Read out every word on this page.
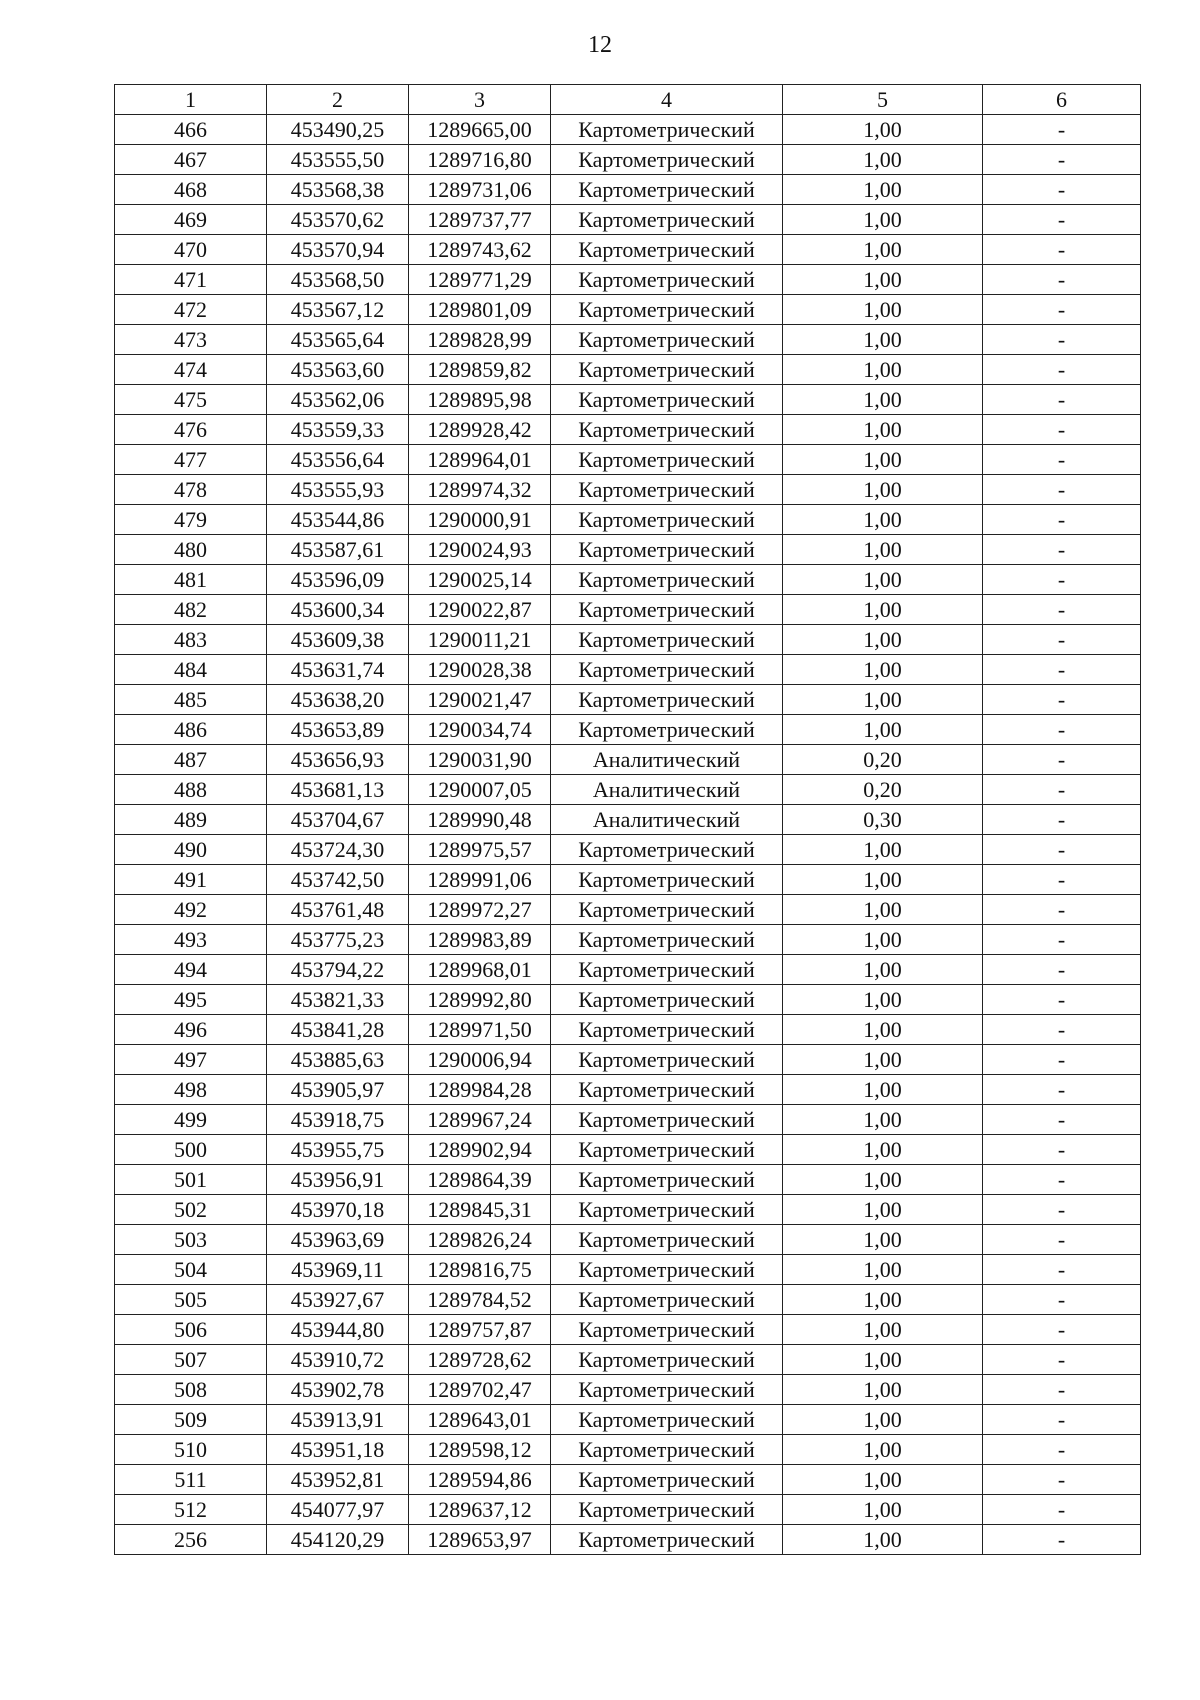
12
1	2	3	4	5	6
466	453490,25	1289665,00	Картометрический	1,00	-
467	453555,50	1289716,80	Картометрический	1,00	-
468	453568,38	1289731,06	Картометрический	1,00	-
469	453570,62	1289737,77	Картометрический	1,00	-
470	453570,94	1289743,62	Картометрический	1,00	-
471	453568,50	1289771,29	Картометрический	1,00	-
472	453567,12	1289801,09	Картометрический	1,00	-
473	453565,64	1289828,99	Картометрический	1,00	-
474	453563,60	1289859,82	Картометрический	1,00	-
475	453562,06	1289895,98	Картометрический	1,00	-
476	453559,33	1289928,42	Картометрический	1,00	-
477	453556,64	1289964,01	Картометрический	1,00	-
478	453555,93	1289974,32	Картометрический	1,00	-
479	453544,86	1290000,91	Картометрический	1,00	-
480	453587,61	1290024,93	Картометрический	1,00	-
481	453596,09	1290025,14	Картометрический	1,00	-
482	453600,34	1290022,87	Картометрический	1,00	-
483	453609,38	1290011,21	Картометрический	1,00	-
484	453631,74	1290028,38	Картометрический	1,00	-
485	453638,20	1290021,47	Картометрический	1,00	-
486	453653,89	1290034,74	Картометрический	1,00	-
487	453656,93	1290031,90	Аналитический	0,20	-
488	453681,13	1290007,05	Аналитический	0,20	-
489	453704,67	1289990,48	Аналитический	0,30	-
490	453724,30	1289975,57	Картометрический	1,00	-
491	453742,50	1289991,06	Картометрический	1,00	-
492	453761,48	1289972,27	Картометрический	1,00	-
493	453775,23	1289983,89	Картометрический	1,00	-
494	453794,22	1289968,01	Картометрический	1,00	-
495	453821,33	1289992,80	Картометрический	1,00	-
496	453841,28	1289971,50	Картометрический	1,00	-
497	453885,63	1290006,94	Картометрический	1,00	-
498	453905,97	1289984,28	Картометрический	1,00	-
499	453918,75	1289967,24	Картометрический	1,00	-
500	453955,75	1289902,94	Картометрический	1,00	-
501	453956,91	1289864,39	Картометрический	1,00	-
502	453970,18	1289845,31	Картометрический	1,00	-
503	453963,69	1289826,24	Картометрический	1,00	-
504	453969,11	1289816,75	Картометрический	1,00	-
505	453927,67	1289784,52	Картометрический	1,00	-
506	453944,80	1289757,87	Картометрический	1,00	-
507	453910,72	1289728,62	Картометрический	1,00	-
508	453902,78	1289702,47	Картометрический	1,00	-
509	453913,91	1289643,01	Картометрический	1,00	-
510	453951,18	1289598,12	Картометрический	1,00	-
511	453952,81	1289594,86	Картометрический	1,00	-
512	454077,97	1289637,12	Картометрический	1,00	-
256	454120,29	1289653,97	Картометрический	1,00	-
